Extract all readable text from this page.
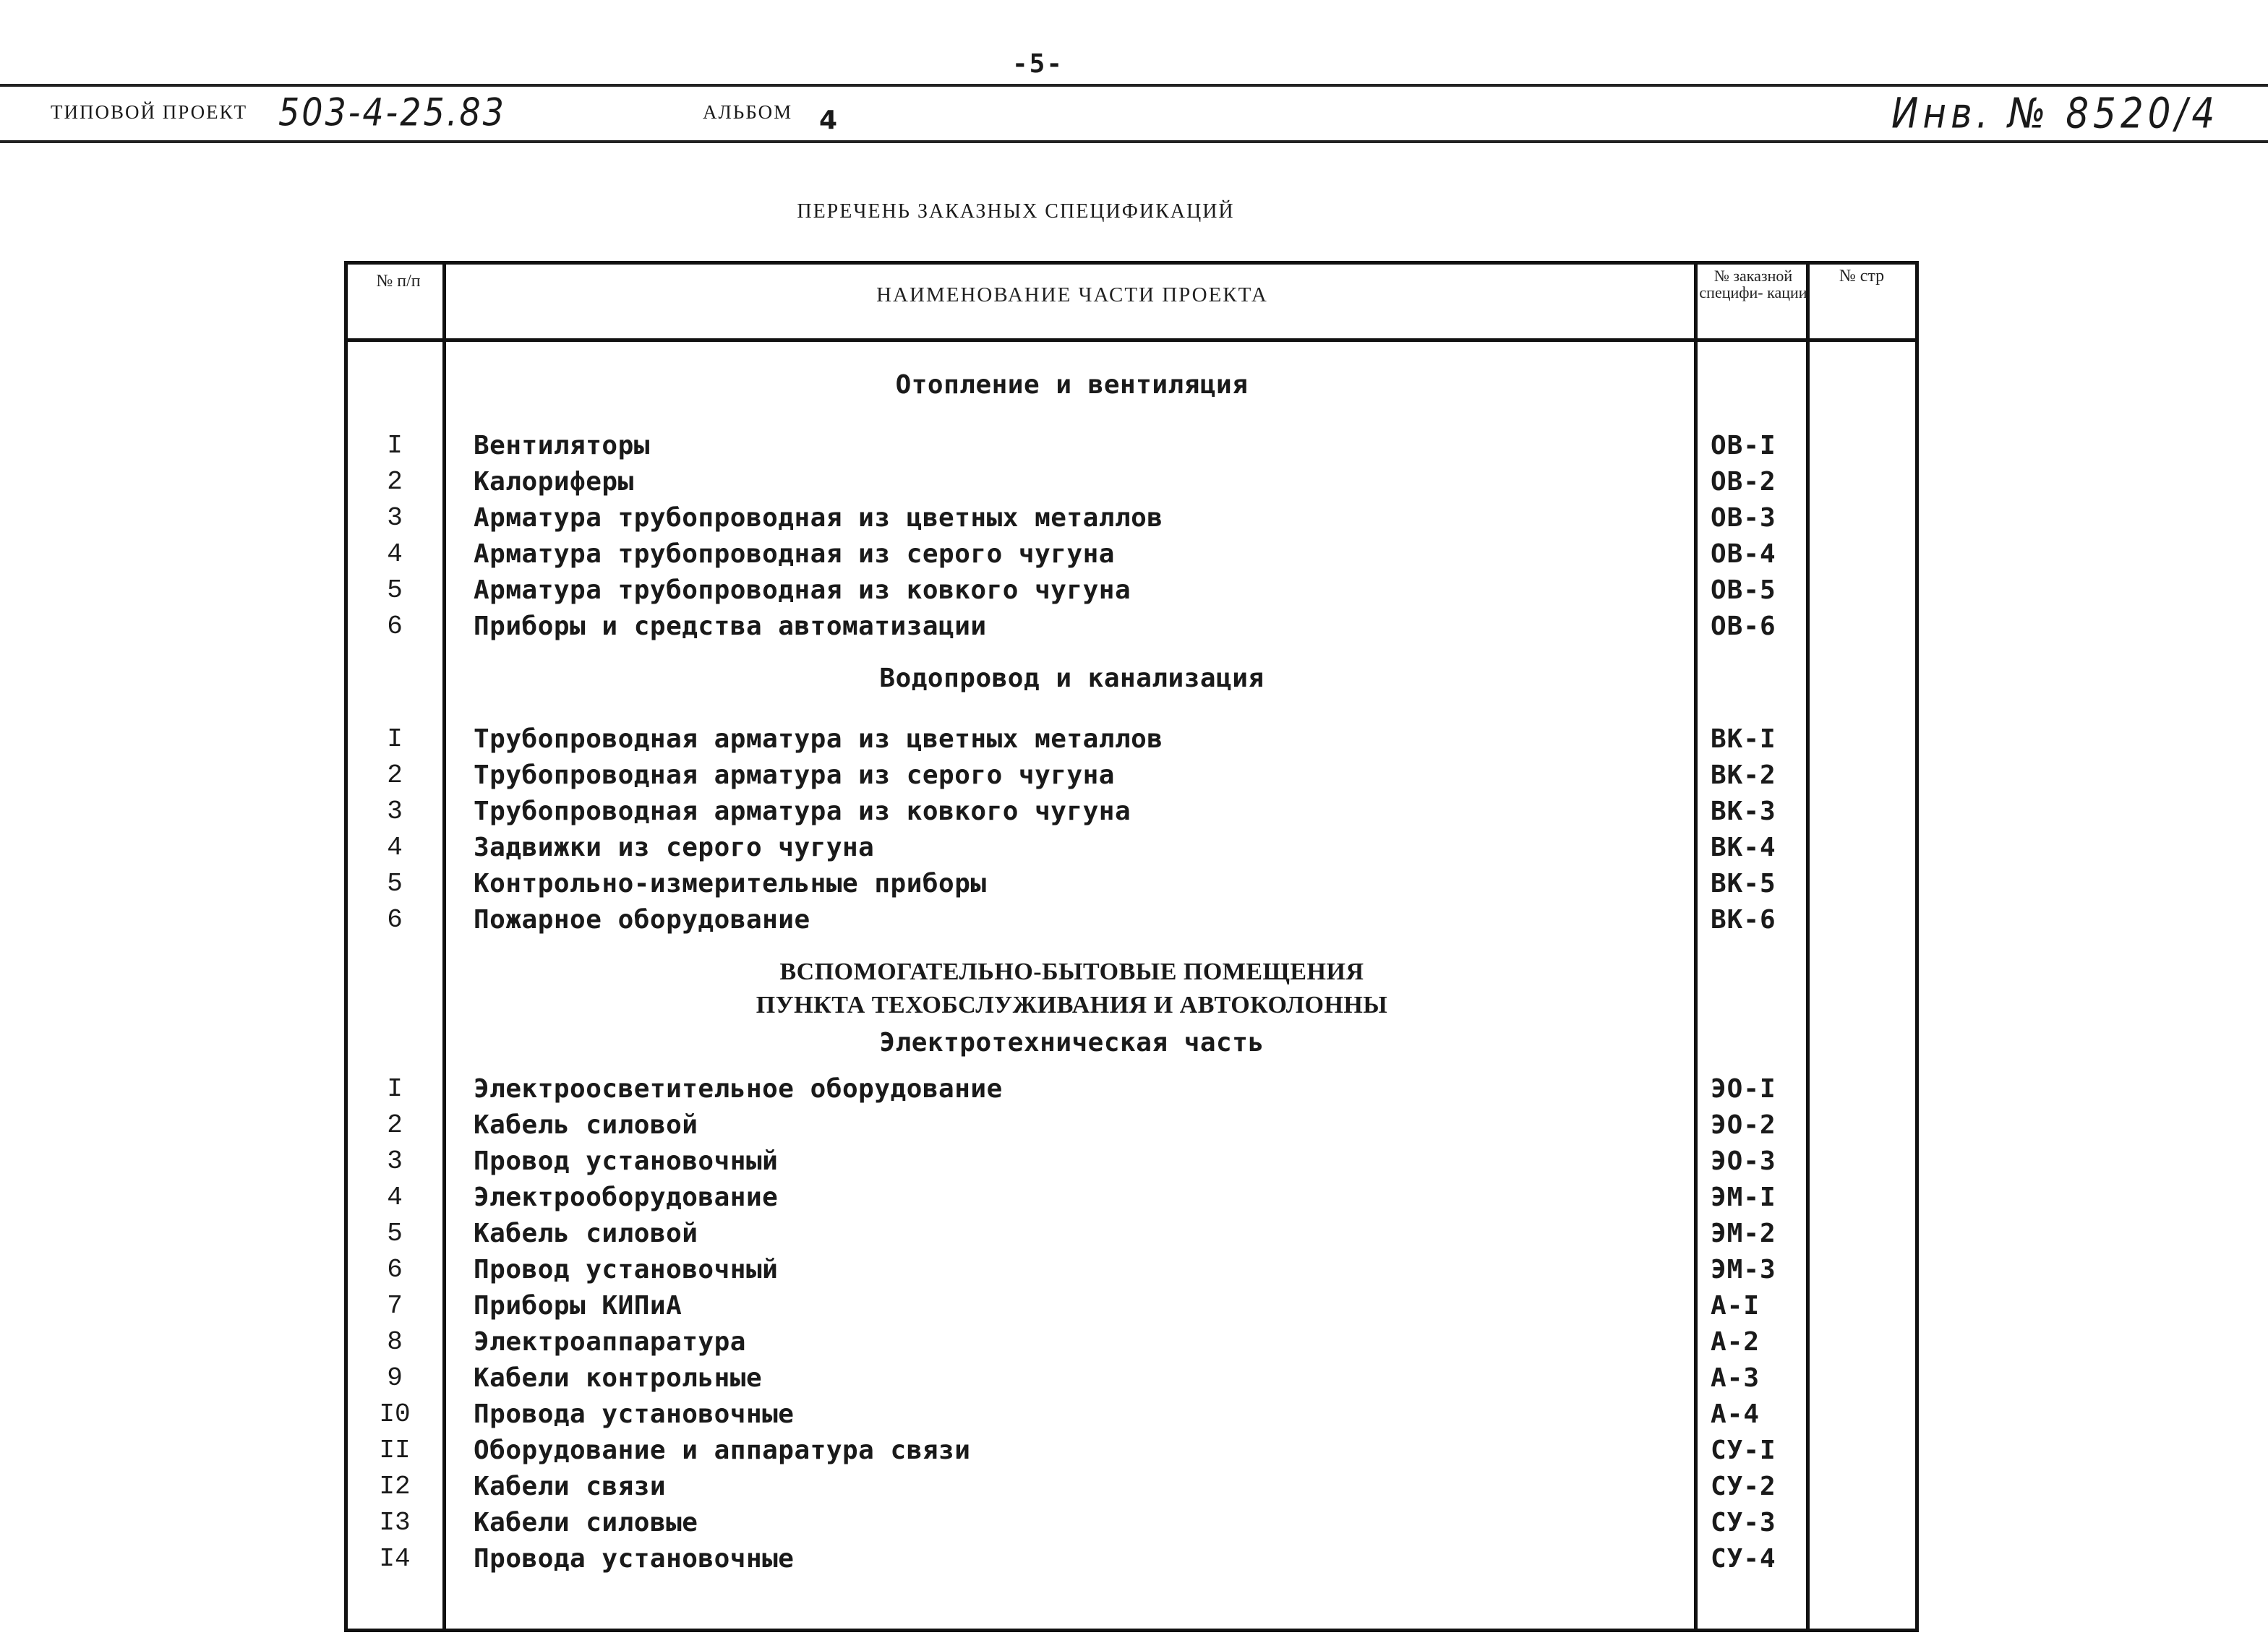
-5-
ТИПОВОЙ ПРОЕКТ 503-4-25.83	АЛЬБОМ 4	Инв. № 8520/4
ПЕРЕЧЕНЬ ЗАКАЗНЫХ СПЕЦИФИКАЦИЙ
№ п/п
НАИМЕНОВАНИЕ ЧАСТИ ПРОЕКТА
№ заказной специфи- кации
№ стр
Отопление и вентиляция
I	Вентиляторы	ОВ-I
2	Калориферы	ОВ-2
3	Арматура трубопроводная из цветных металлов	ОВ-3
4	Арматура трубопроводная из серого чугуна	ОВ-4
5	Арматура трубопроводная из ковкого чугуна	ОВ-5
6	Приборы и средства автоматизации	ОВ-6
Водопровод и канализация
I	Трубопроводная арматура из цветных металлов	ВК-I
2	Трубопроводная арматура из серого чугуна	ВК-2
3	Трубопроводная арматура из ковкого чугуна	ВК-3
4	Задвижки из серого чугуна	ВК-4
5	Контрольно-измерительные приборы	ВК-5
6	Пожарное оборудование	ВК-6
ВСПОМОГАТЕЛЬНО-БЫТОВЫЕ ПОМЕЩЕНИЯ
ПУНКТА ТЕХОБСЛУЖИВАНИЯ И АВТОКОЛОННЫ
Электротехническая часть
I	Электроосветительное оборудование	ЭО-I
2	Кабель силовой	ЭО-2
3	Провод установочный	ЭО-3
4	Электрооборудование	ЭМ-I
5	Кабель силовой	ЭМ-2
6	Провод установочный	ЭМ-3
7	Приборы КИПиА	А-I
8	Электроаппаратура	А-2
9	Кабели контрольные	А-3
I0	Провода установочные	А-4
II	Оборудование и аппаратура связи	СУ-I
I2	Кабели связи	СУ-2
I3	Кабели силовые	СУ-3
I4	Провода установочные	СУ-4
